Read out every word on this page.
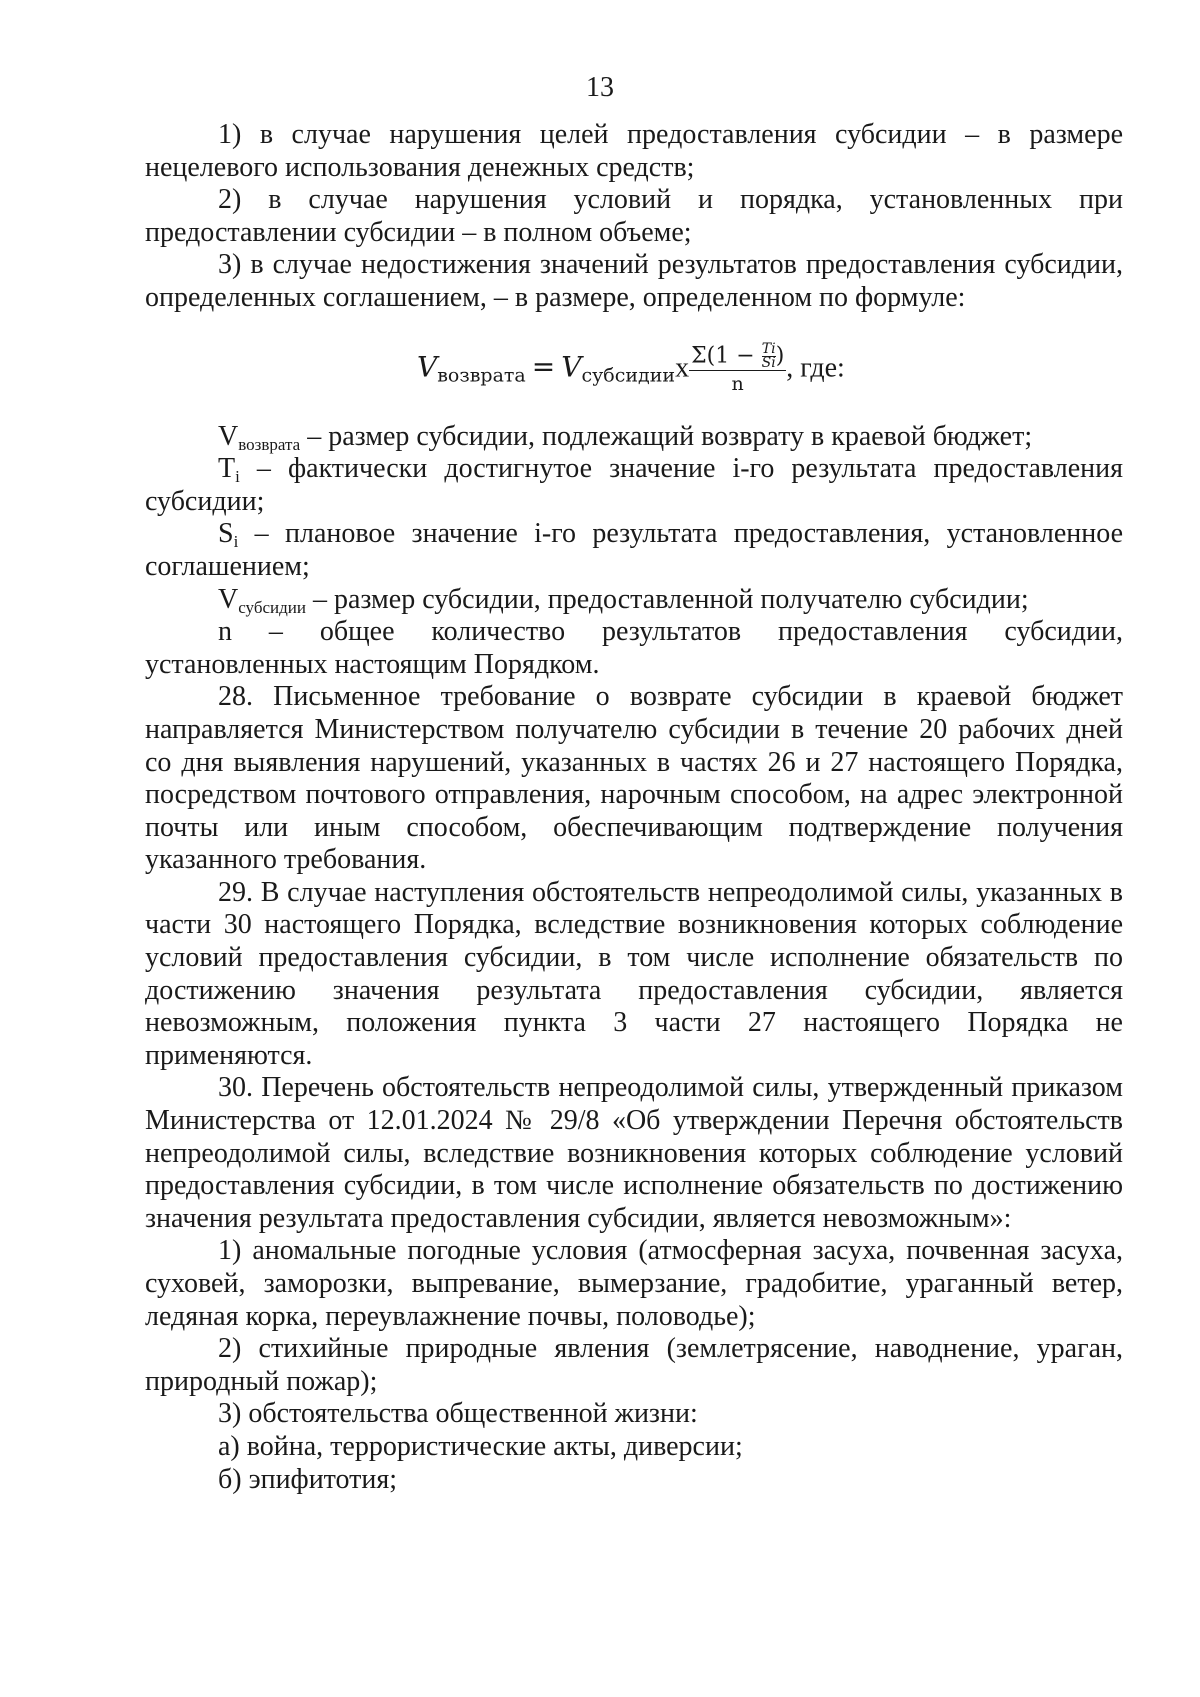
13

1) в случае нарушения целей предоставления субсидии – в размере нецелевого использования денежных средств;

2) в случае нарушения условий и порядка, установленных при предоставлении субсидии – в полном объеме;

3) в случае недостижения значений результатов предоставления субсидии, определенных соглашением, – в размере, определенном по формуле:

Vвозврата = Vсубсидииx $\Sigma(1 - \frac{Ti}{Si}$ )
n
, где:

$V_{возврата}$ – размер субсидии, подлежащий возврату в краевой бюджет;

$T_i$ – фактически достигнутое значение i-го результата предоставления субсидии;

$S_i$ – плановое значение i-го результата предоставления, установленное соглашением;

$V_{субсидии}$ – размер субсидии, предоставленной получателю субсидии;

n – общее количество результатов предоставления субсидии, установленных настоящим Порядком.

28. Письменное требование о возврате субсидии в краевой бюджет направляется Министерством получателю субсидии в течение 20 рабочих дней со дня выявления нарушений, указанных в частях 26 и 27 настоящего Порядка, посредством почтового отправления, нарочным способом, на адрес электронной почты или иным способом, обеспечивающим подтверждение получения указанного требования.

29. В случае наступления обстоятельств непреодолимой силы, указанных в части 30 настоящего Порядка, вследствие возникновения которых соблюдение условий предоставления субсидии, в том числе исполнение обязательств по достижению значения результата предоставления субсидии, является невозможным, положения пункта 3 части 27 настоящего Порядка не применяются.

30. Перечень обстоятельств непреодолимой силы, утвержденный приказом Министерства от 12.01.2024 № 29/8 «Об утверждении Перечня обстоятельств непреодолимой силы, вследствие возникновения которых соблюдение условий предоставления субсидии, в том числе исполнение обязательств по достижению значения результата предоставления субсидии, является невозможным»:

1) аномальные погодные условия (атмосферная засуха, почвенная засуха, суховей, заморозки, выпревание, вымерзание, градобитие, ураганный ветер, ледяная корка, переувлажнение почвы, половодье);

2) стихийные природные явления (землетрясение, наводнение, ураган, природный пожар);

3) обстоятельства общественной жизни:

а) война, террористические акты, диверсии;

б) эпифитотия;
